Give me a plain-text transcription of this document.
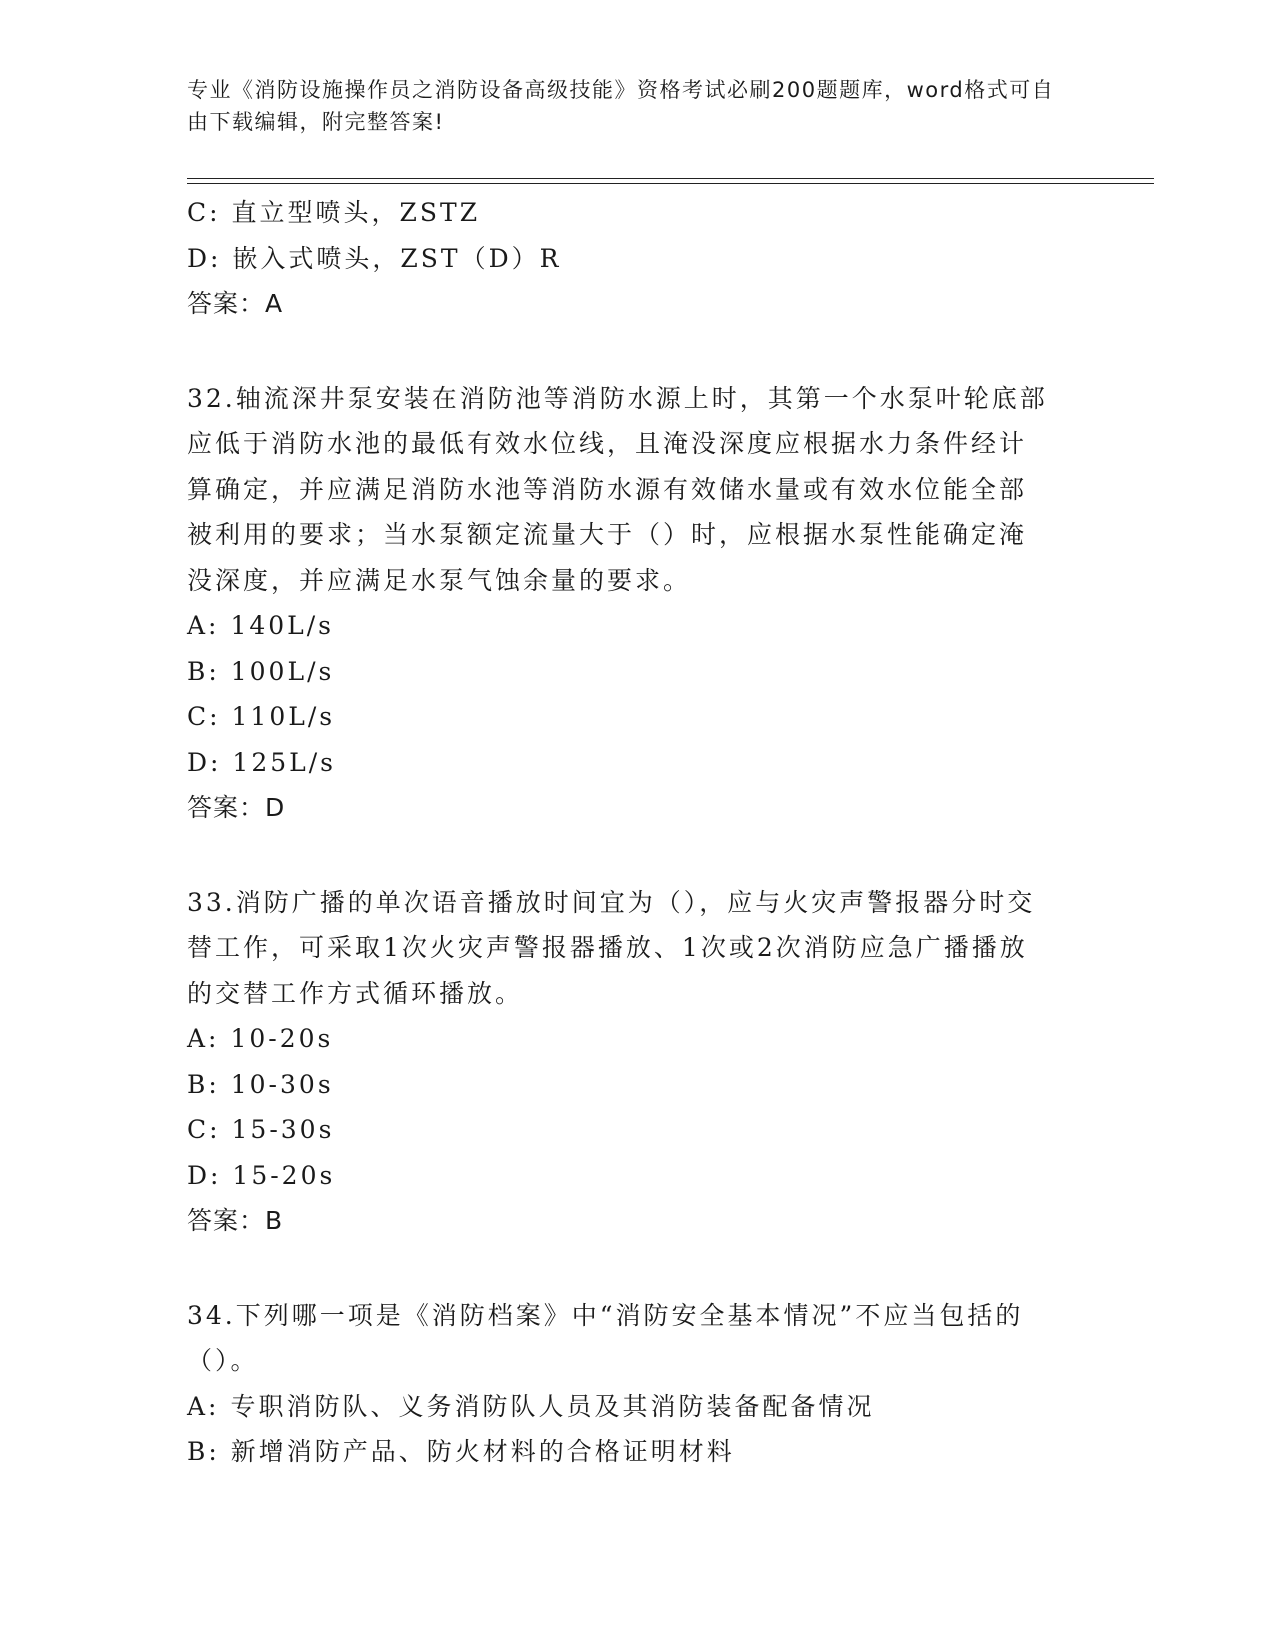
专业《消防设施操作员之消防设备高级技能》资格考试必刷200题题库，word格式可自由下载编辑，附完整答案!
C: 直立型喷头，ZSTZ
D: 嵌入式喷头，ZST（D）R
答案：A
32.轴流深井泵安装在消防池等消防水源上时，其第一个水泵叶轮底部
应低于消防水池的最低有效水位线，且淹没深度应根据水力条件经计
算确定，并应满足消防水池等消防水源有效储水量或有效水位能全部
被利用的要求；当水泵额定流量大于（）时，应根据水泵性能确定淹
没深度，并应满足水泵气蚀余量的要求。
A: 140L/s
B: 100L/s
C: 110L/s
D: 125L/s
答案：D
33.消防广播的单次语音播放时间宜为（），应与火灾声警报器分时交
替工作，可采取1次火灾声警报器播放、1次或2次消防应急广播播放
的交替工作方式循环播放。
A: 10-20s
B: 10-30s
C: 15-30s
D: 15-20s
答案：B
34.下列哪一项是《消防档案》中“消防安全基本情况”不应当包括的
（）。
A: 专职消防队、义务消防队人员及其消防装备配备情况
B: 新增消防产品、防火材料的合格证明材料
